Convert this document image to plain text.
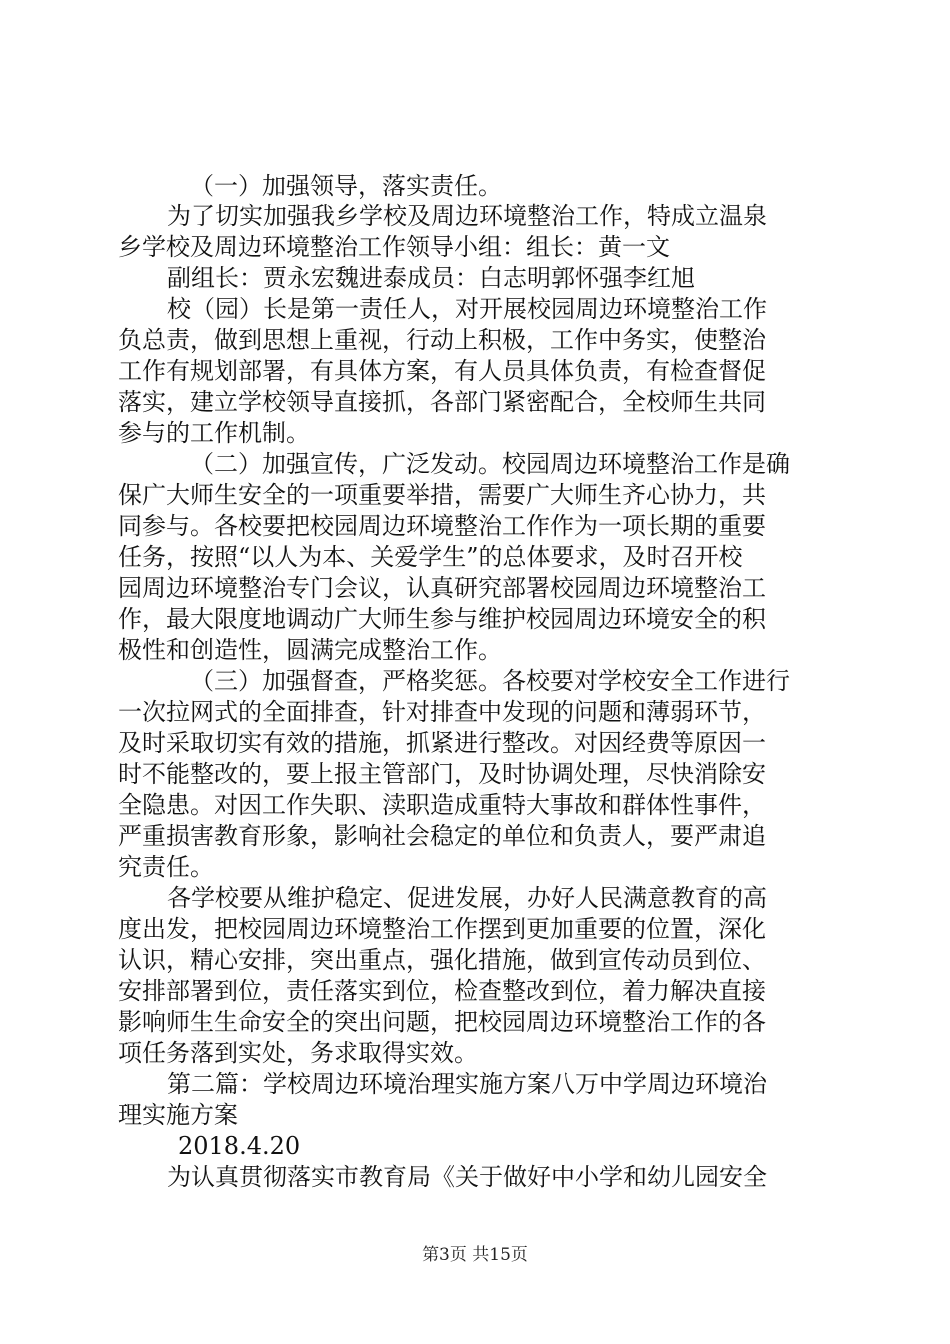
（一）加强领导，落实责任。
为了切实加强我乡学校及周边环境整治工作，特成立温泉
乡学校及周边环境整治工作领导小组：组长：黄一文
副组长：贾永宏魏进泰成员：白志明郭怀强李红旭
校（园）长是第一责任人，对开展校园周边环境整治工作
负总责，做到思想上重视，行动上积极，工作中务实，使整治
工作有规划部署，有具体方案，有人员具体负责，有检查督促
落实，建立学校领导直接抓，各部门紧密配合，全校师生共同
参与的工作机制。
（二）加强宣传，广泛发动。校园周边环境整治工作是确
保广大师生安全的一项重要举措，需要广大师生齐心协力，共
同参与。各校要把校园周边环境整治工作作为一项长期的重要
任务，按照“以人为本、关爱学生”的总体要求，及时召开校
园周边环境整治专门会议，认真研究部署校园周边环境整治工
作，最大限度地调动广大师生参与维护校园周边环境安全的积
极性和创造性，圆满完成整治工作。
（三）加强督查，严格奖惩。各校要对学校安全工作进行
一次拉网式的全面排查，针对排查中发现的问题和薄弱环节，
及时采取切实有效的措施，抓紧进行整改。对因经费等原因一
时不能整改的，要上报主管部门，及时协调处理，尽快消除安
全隐患。对因工作失职、渎职造成重特大事故和群体性事件，
严重损害教育形象，影响社会稳定的单位和负责人，要严肃追
究责任。
各学校要从维护稳定、促进发展，办好人民满意教育的高
度出发，把校园周边环境整治工作摆到更加重要的位置，深化
认识，精心安排，突出重点，强化措施，做到宣传动员到位、
安排部署到位，责任落实到位，检查整改到位，着力解决直接
影响师生生命安全的突出问题，把校园周边环境整治工作的各
项任务落到实处，务求取得实效。
第二篇：学校周边环境治理实施方案八万中学周边环境治
理实施方案
2018.4.20
为认真贯彻落实市教育局《关于做好中小学和幼儿园安全
第3页 共15页
